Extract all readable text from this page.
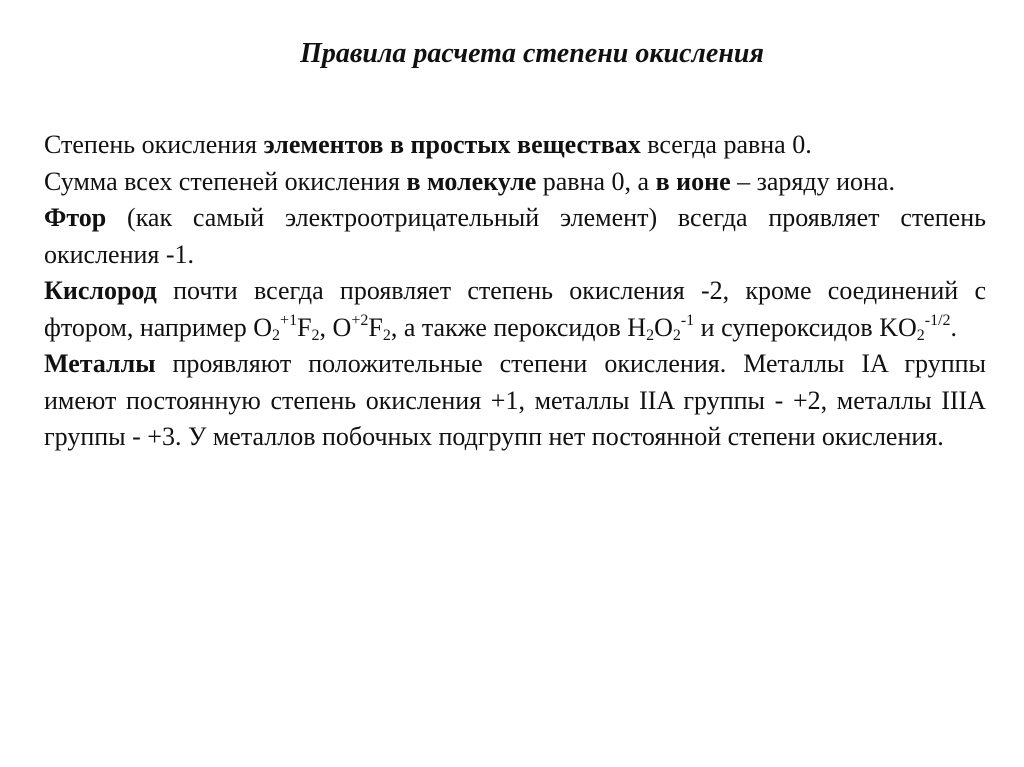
Правила расчета степени окисления

Степень окисления элементов в простых веществах всегда равна 0.

Сумма всех степеней окисления в молекуле равна 0, а в ионе – заряду иона.

Фтор (как самый электроотрицательный элемент) всегда проявляет степень окисления -1.

Кислород почти всегда проявляет степень окисления -2, кроме соединений с фтором, например $O_2^{+1}F_2$, $O^{+2}F_2$, а также пероксидов $H_2O_2^{-1}$ и супероксидов $KO_2^{-1/2}$.

Металлы проявляют положительные степени окисления. Металлы IA группы имеют постоянную степень окисления +1, металлы IIA группы - +2, металлы IIIA группы - +3. У металлов побочных подгрупп нет постоянной степени окисления.
